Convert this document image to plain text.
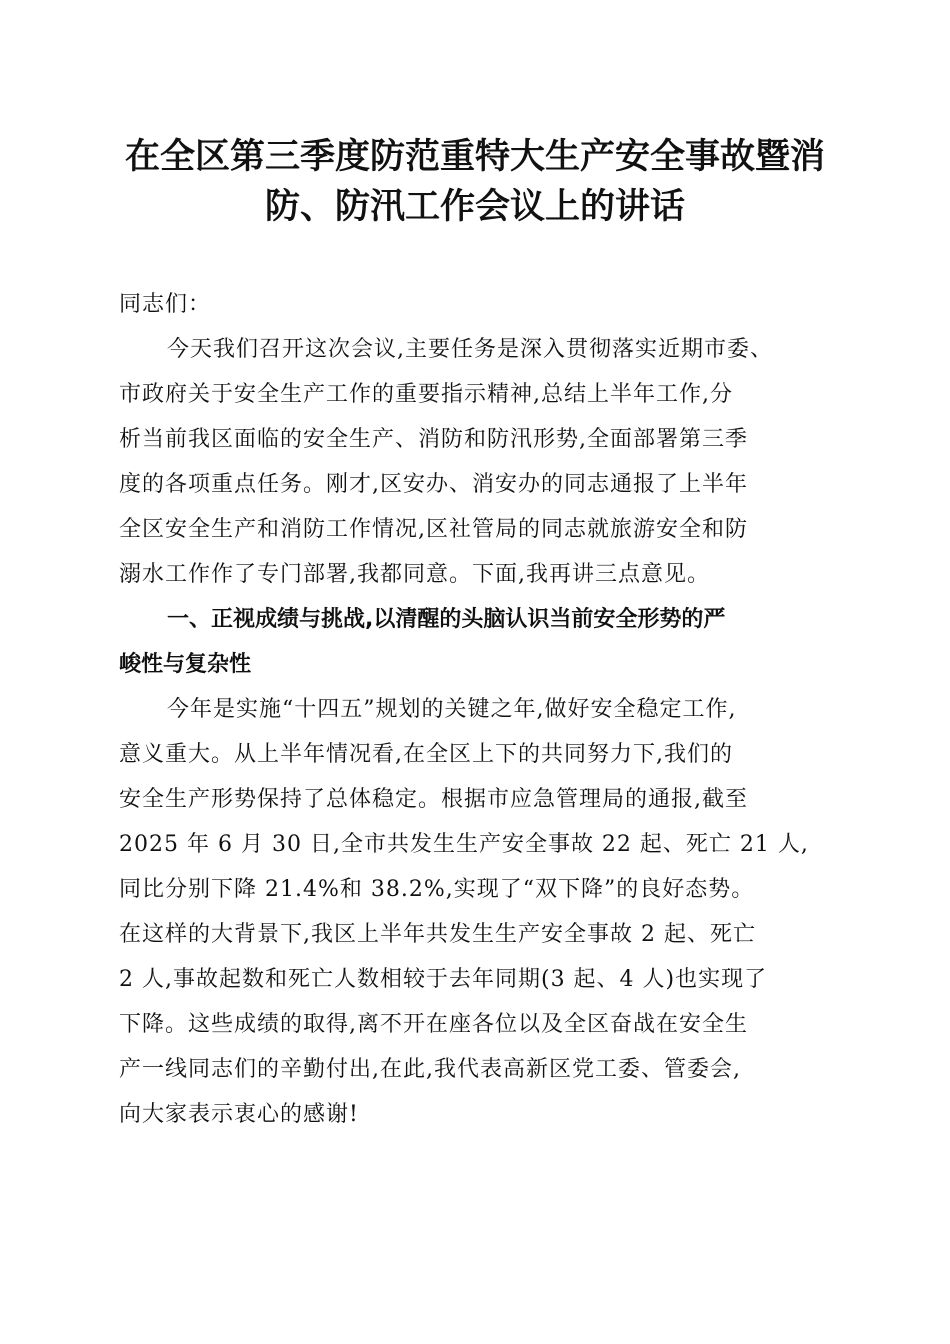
在全区第三季度防范重特大生产安全事故暨消
防、防汛工作会议上的讲话

同志们：

今天我们召开这次会议,主要任务是深入贯彻落实近期市委、
市政府关于安全生产工作的重要指示精神,总结上半年工作,分
析当前我区面临的安全生产、消防和防汛形势,全面部署第三季
度的各项重点任务。刚才,区安办、消安办的同志通报了上半年
全区安全生产和消防工作情况,区社管局的同志就旅游安全和防
溺水工作作了专门部署,我都同意。下面,我再讲三点意见。
一、正视成绩与挑战,以清醒的头脑认识当前安全形势的严
峻性与复杂性
今年是实施“十四五”规划的关键之年,做好安全稳定工作,
意义重大。从上半年情况看,在全区上下的共同努力下,我们的
安全生产形势保持了总体稳定。根据市应急管理局的通报,截至
2025 年 6 月 30 日,全市共发生生产安全事故 22 起、死亡 21 人,
同比分别下降 21.4%和 38.2%,实现了“双下降”的良好态势。
在这样的大背景下,我区上半年共发生生产安全事故 2 起、死亡
2 人,事故起数和死亡人数相较于去年同期(3 起、4 人)也实现了
下降。这些成绩的取得,离不开在座各位以及全区奋战在安全生
产一线同志们的辛勤付出,在此,我代表高新区党工委、管委会,
向大家表示衷心的感谢!
